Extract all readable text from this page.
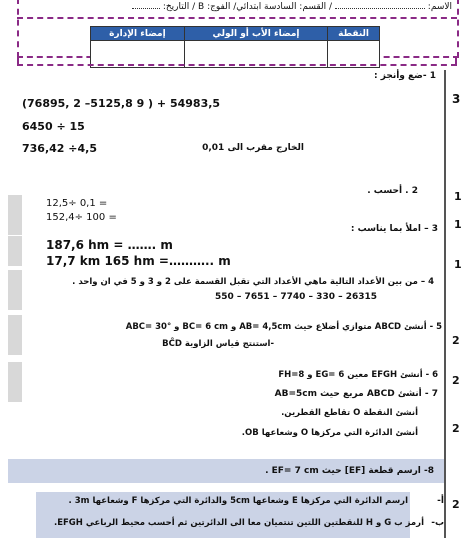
الاسم:  / القسم: السادسة ابتدائي/ الفوج: B / التاريخ:
إمضاء الإدارة	إمضاء الأب أو الولي	النقطة

3
1
1
1
2
2
2
2
1 -ضع وأنجز :
(76895, 2 –5125,8 9 ) + 54983,5
6450 ÷ 15
736,42 ÷4,5	الخارج مقرب الى 0,01
2 . أحسب .
12,5÷ 0,1 =
152,4÷ 100 =
3 – املأ بما يناسب :
187,6 hm = ……. m
17,7 km 165 hm =……….. m
4 – من بين الأعداد التالية ماهي الأعداد التي تقبل القسمة على 2 و 3 و 5 في ان واحد .
550 – 7651 – 7740 – 330 – 26315
5 - أنشئ ABCD متوازي أضلاع حيث AB= 4,5cm و BC= 6 cm و ABC= 30°
-استنتج قياس الزاوية BĈD
6 - أنشئ EFGH معين EG= 6 و FH=8
7 - أنشئ ABCD مربع حيث AB=5cm
أنشئ النقطة O تقاطع القطرين.
أنشئ الدائرة التي مركزها O وشعاعها OB.
8- ارسم قطعة [EF] حيث EF= 7 cm .
أ-
ارسم الدائرة التي مركزها E وشعاعها 5cm والدائرة التي مركزها F وشعاعها 3m .
ب-
أرمز ب G و H للنقطتين اللتين تنتميان معا الى الدائرتين ثم أحسب محيط الرباعي EFGH.
